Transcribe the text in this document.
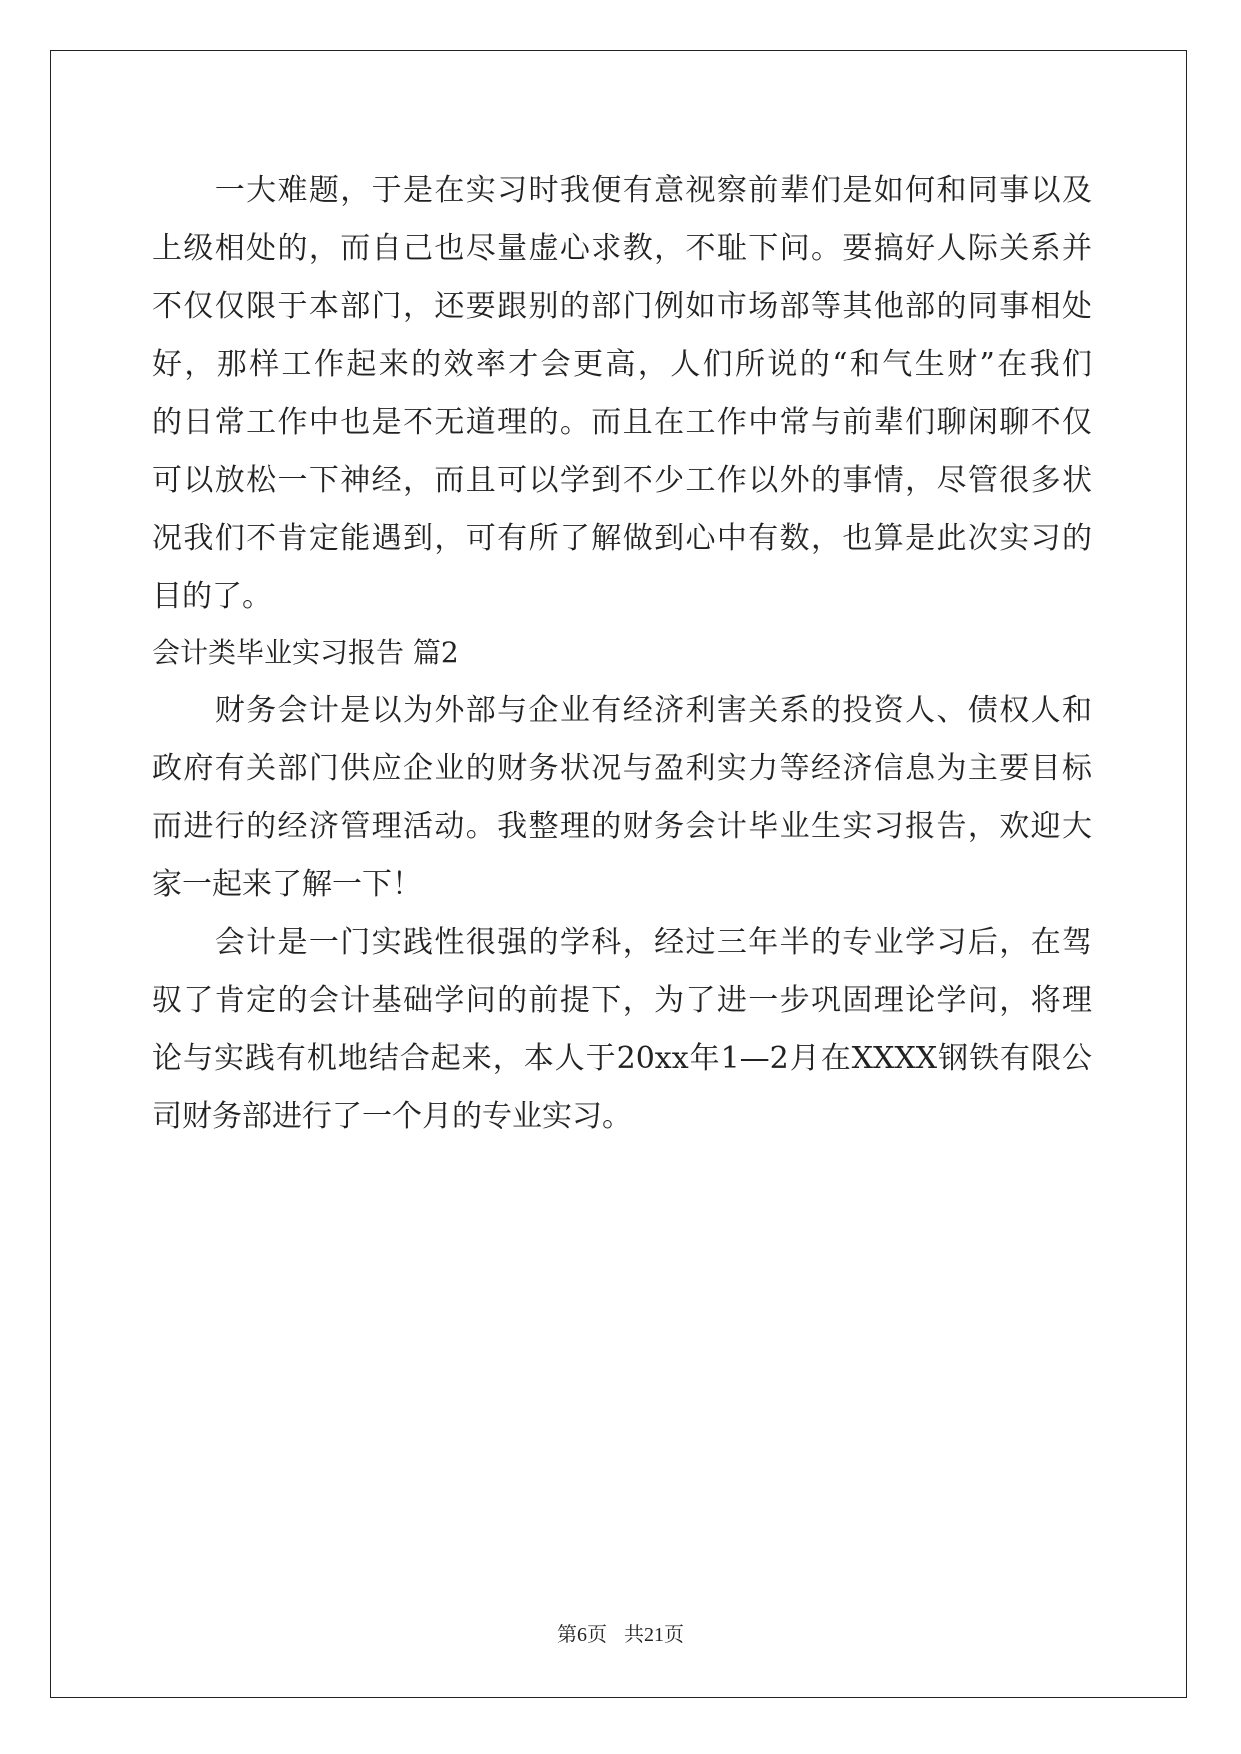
　　一大难题，于是在实习时我便有意视察前辈们是如何和同事以及
上级相处的，而自己也尽量虚心求教，不耻下问。要搞好人际关系并
不仅仅限于本部门，还要跟别的部门例如市场部等其他部的同事相处
好，那样工作起来的效率才会更高，人们所说的“和气生财”在我们
的日常工作中也是不无道理的。而且在工作中常与前辈们聊闲聊不仅
可以放松一下神经，而且可以学到不少工作以外的事情，尽管很多状
况我们不肯定能遇到，可有所了解做到心中有数，也算是此次实习的
目的了。
会计类毕业实习报告 篇2
　　财务会计是以为外部与企业有经济利害关系的投资人、债权人和
政府有关部门供应企业的财务状况与盈利实力等经济信息为主要目标
而进行的经济管理活动。我整理的财务会计毕业生实习报告，欢迎大
家一起来了解一下！
　　会计是一门实践性很强的学科，经过三年半的专业学习后，在驾
驭了肯定的会计基础学问的前提下，为了进一步巩固理论学问，将理
论与实践有机地结合起来，本人于20xx年1—2月在XXXX钢铁有限公
司财务部进行了一个月的专业实习。
第6页 共21页
